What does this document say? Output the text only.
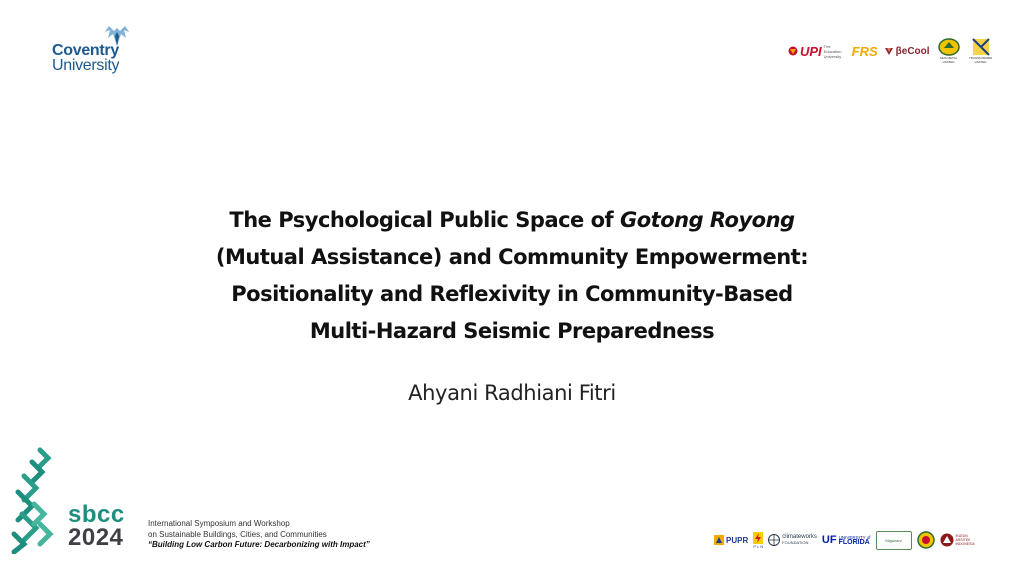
Coventry
University
UPI The Education University FRS βeCool
SEIS METAL LIMITED
TRANSFORMED LIMITED
The Psychological Public Space of Gotong Royong
(Mutual Assistance) and Community Empowerment:
Positionality and Reflexivity in Community-Based
Multi-Hazard Seismic Preparedness
Ahyani Radhiani Fitri
sbcc
2024
International Symposium and Workshop
on Sustainable Buildings, Cities, and Communities
“Building Low Carbon Future: Decarbonizing with Impact”	PUPR
P L N
climateworks
FOUNDATION	UF UNIVERSITY of
FLORIDA	Migunani
IKATAN
ARSITEK
INDONESIA
